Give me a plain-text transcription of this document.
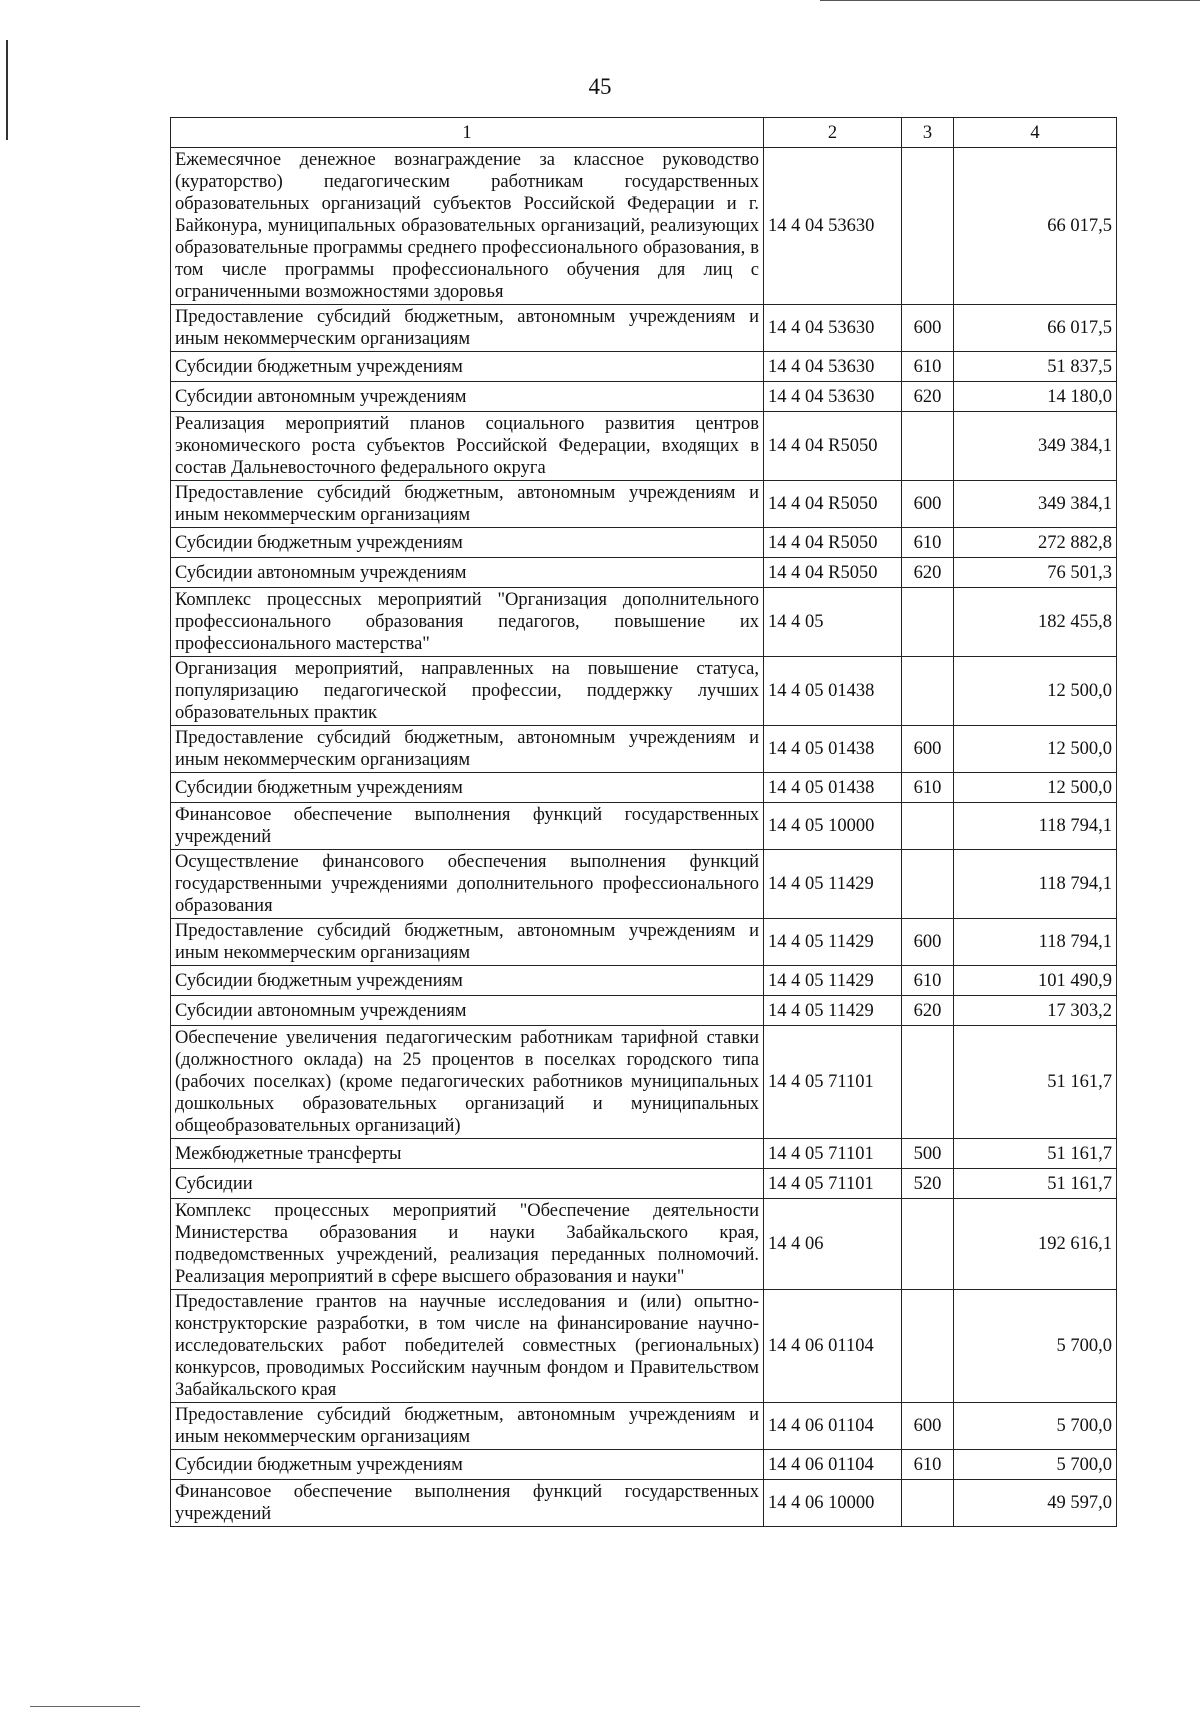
45
1	2	3	4
Ежемесячное денежное вознаграждение за классное руководство (кураторство) педагогическим работникам государственных образовательных организаций субъектов Российской Федерации и г. Байконура, муниципальных образовательных организаций, реализующих образовательные программы среднего профессионального образования, в том числе программы профессионального обучения для лиц с ограниченными возможностями здоровья	14 4 04 53630		66 017,5
Предоставление субсидий бюджетным, автономным учреждениям и иным некоммерческим организациям	14 4 04 53630	600	66 017,5
Субсидии бюджетным учреждениям	14 4 04 53630	610	51 837,5
Субсидии автономным учреждениям	14 4 04 53630	620	14 180,0
Реализация мероприятий планов социального развития центров экономического роста субъектов Российской Федерации, входящих в состав Дальневосточного федерального округа	14 4 04 R5050		349 384,1
Предоставление субсидий бюджетным, автономным учреждениям и иным некоммерческим организациям	14 4 04 R5050	600	349 384,1
Субсидии бюджетным учреждениям	14 4 04 R5050	610	272 882,8
Субсидии автономным учреждениям	14 4 04 R5050	620	76 501,3
Комплекс процессных мероприятий "Организация дополнительного профессионального образования педагогов, повышение их профессионального мастерства"	14 4 05		182 455,8
Организация мероприятий, направленных на повышение статуса, популяризацию педагогической профессии, поддержку лучших образовательных практик	14 4 05 01438		12 500,0
Предоставление субсидий бюджетным, автономным учреждениям и иным некоммерческим организациям	14 4 05 01438	600	12 500,0
Субсидии бюджетным учреждениям	14 4 05 01438	610	12 500,0
Финансовое обеспечение выполнения функций государственных учреждений	14 4 05 10000		118 794,1
Осуществление финансового обеспечения выполнения функций государственными учреждениями дополнительного профессионального образования	14 4 05 11429		118 794,1
Предоставление субсидий бюджетным, автономным учреждениям и иным некоммерческим организациям	14 4 05 11429	600	118 794,1
Субсидии бюджетным учреждениям	14 4 05 11429	610	101 490,9
Субсидии автономным учреждениям	14 4 05 11429	620	17 303,2
Обеспечение увеличения педагогическим работникам тарифной ставки (должностного оклада) на 25 процентов в поселках городского типа (рабочих поселках) (кроме педагогических работников муниципальных дошкольных образовательных организаций и муниципальных общеобразовательных организаций)	14 4 05 71101		51 161,7
Межбюджетные трансферты	14 4 05 71101	500	51 161,7
Субсидии	14 4 05 71101	520	51 161,7
Комплекс процессных мероприятий "Обеспечение деятельности Министерства образования и науки Забайкальского края, подведомственных учреждений, реализация переданных полномочий. Реализация мероприятий в сфере высшего образования и науки"	14 4 06		192 616,1
Предоставление грантов на научные исследования и (или) опытно-конструкторские разработки, в том числе на финансирование научно-исследовательских работ победителей совместных (региональных) конкурсов, проводимых Российским научным фондом и Правительством Забайкальского края	14 4 06 01104		5 700,0
Предоставление субсидий бюджетным, автономным учреждениям и иным некоммерческим организациям	14 4 06 01104	600	5 700,0
Субсидии бюджетным учреждениям	14 4 06 01104	610	5 700,0
Финансовое обеспечение выполнения функций государственных учреждений	14 4 06 10000		49 597,0
